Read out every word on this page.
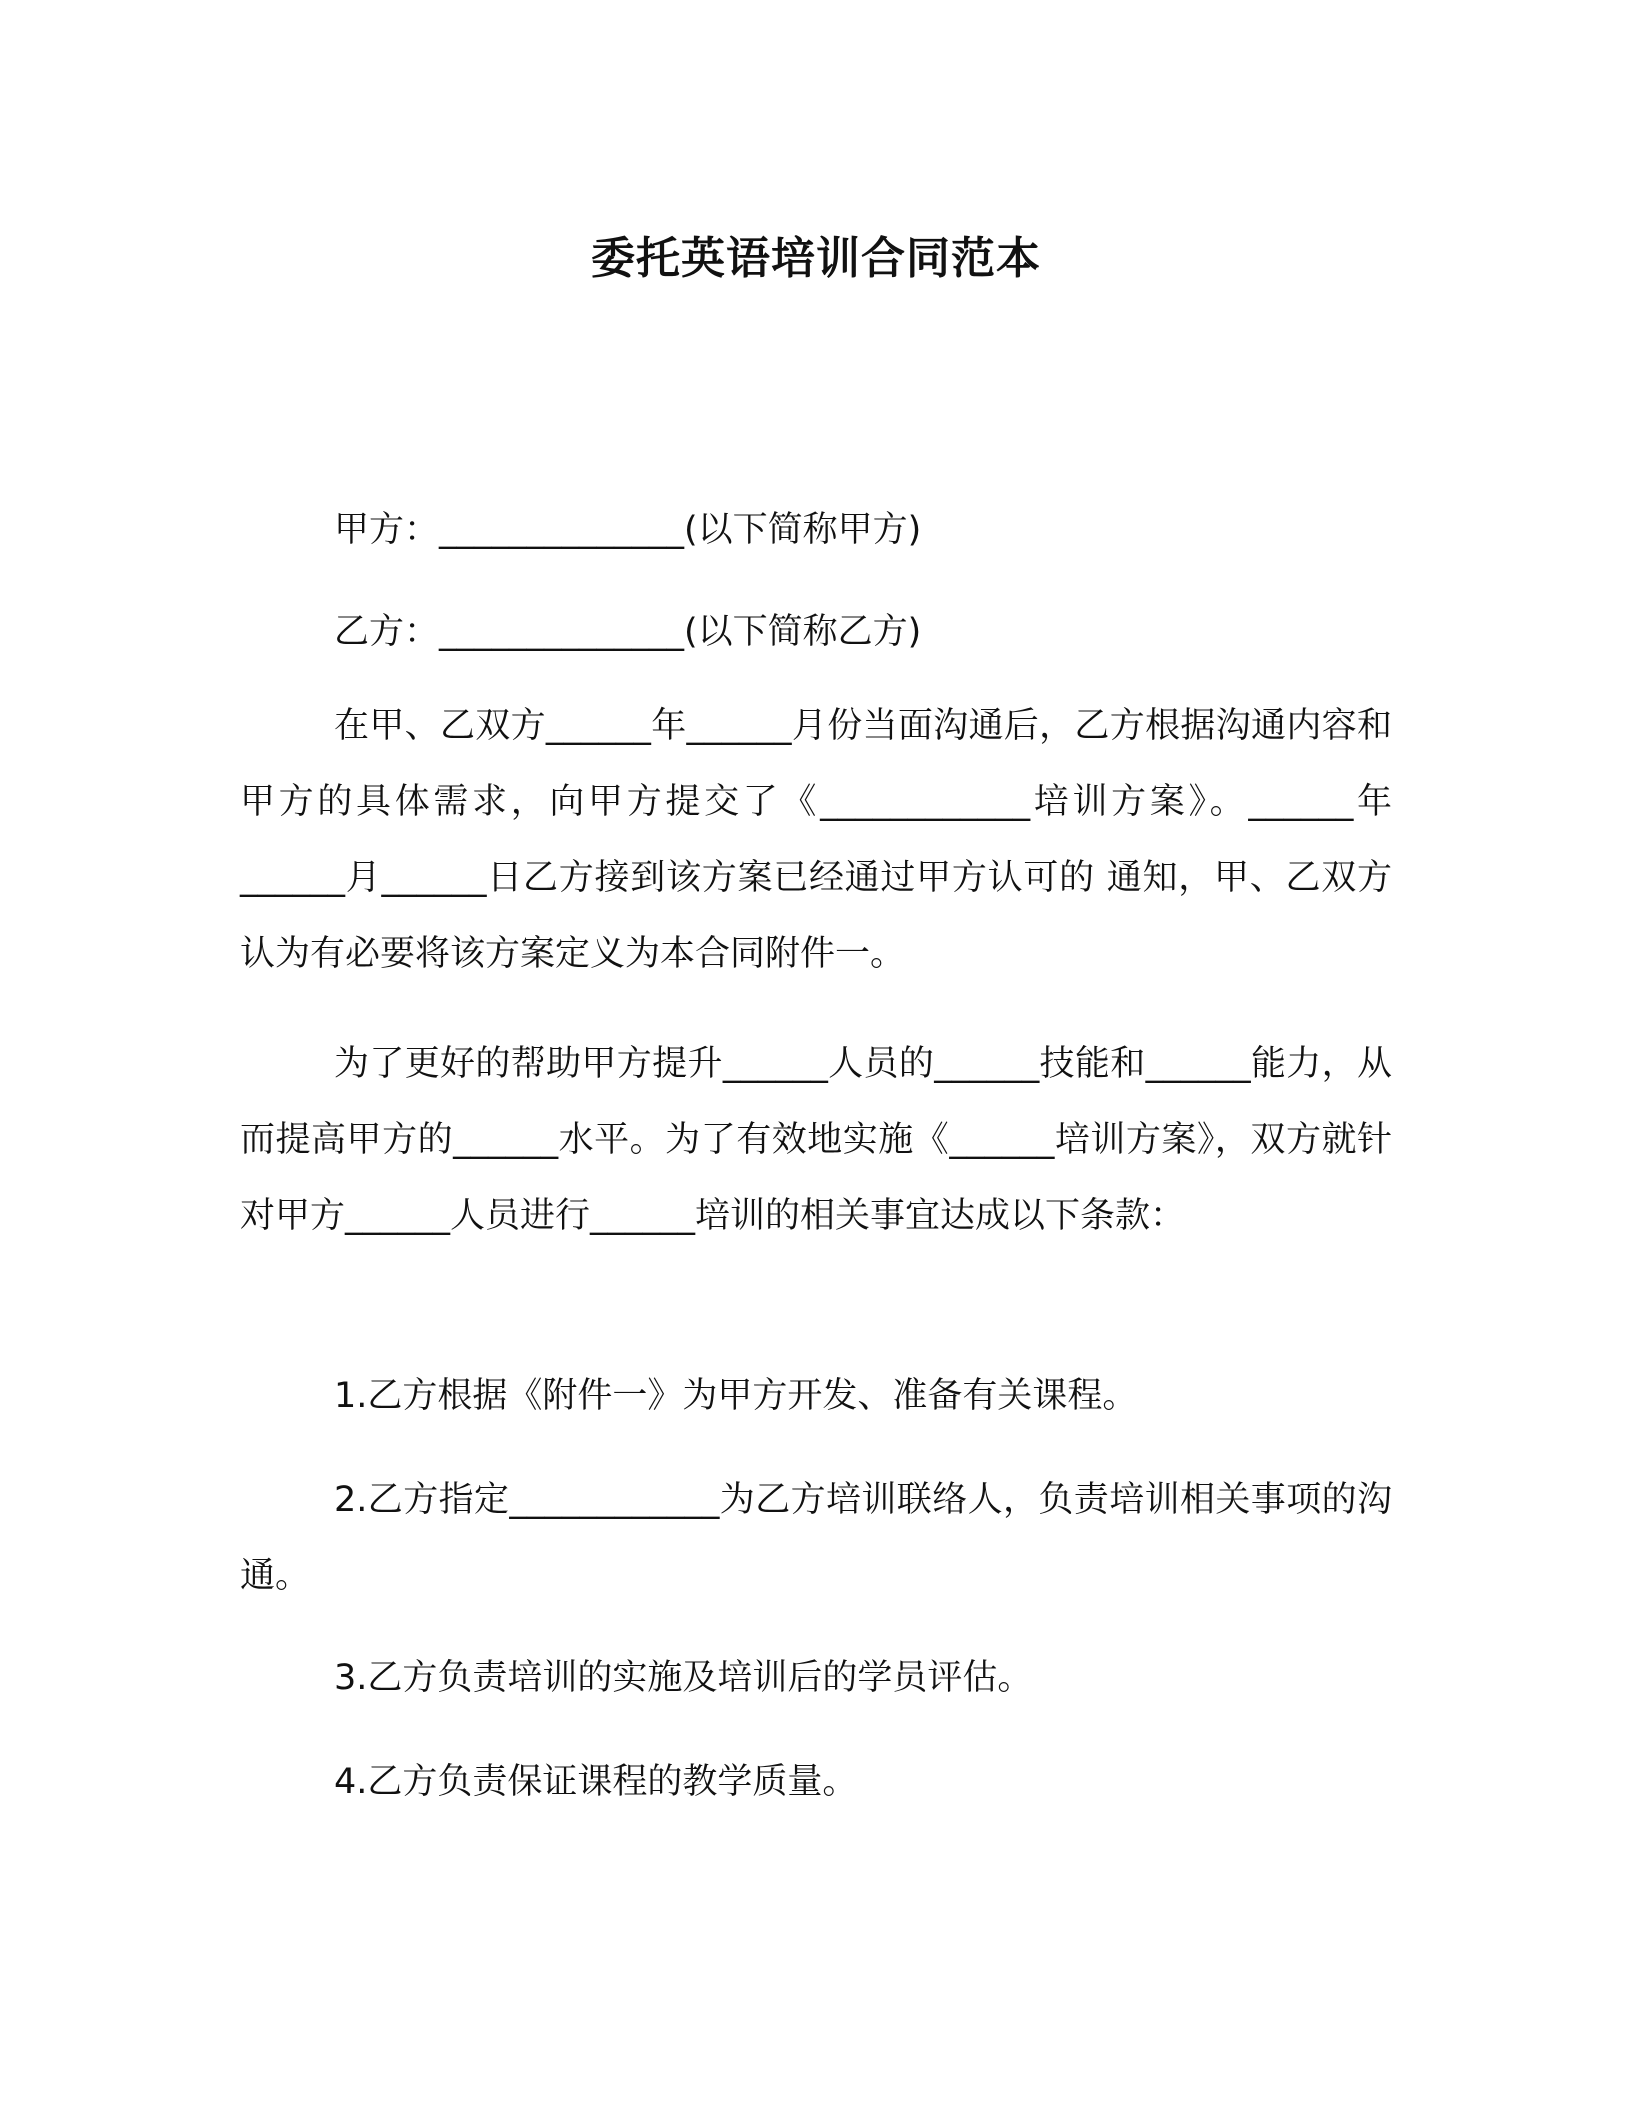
委托英语培训合同范本

甲方：______________(以下简称甲方)

乙方：______________(以下简称乙方)

在甲、乙双方______年______月份当面沟通后，乙方根据沟通内容和甲方的具体需求，向甲方提交了《____________培训方案》。______年______月______日乙方接到该方案已经通过甲方认可的 通知，甲、乙双方认为有必要将该方案定义为本合同附件一。

为了更好的帮助甲方提升______人员的______技能和______能力，从而提高甲方的______水平。为了有效地实施《______培训方案》，双方就针对甲方______人员进行______培训的相关事宜达成以下条款：

1.乙方根据《附件一》为甲方开发、准备有关课程。

2.乙方指定____________为乙方培训联络人，负责培训相关事项的沟通。

3.乙方负责培训的实施及培训后的学员评估。

4.乙方负责保证课程的教学质量。
